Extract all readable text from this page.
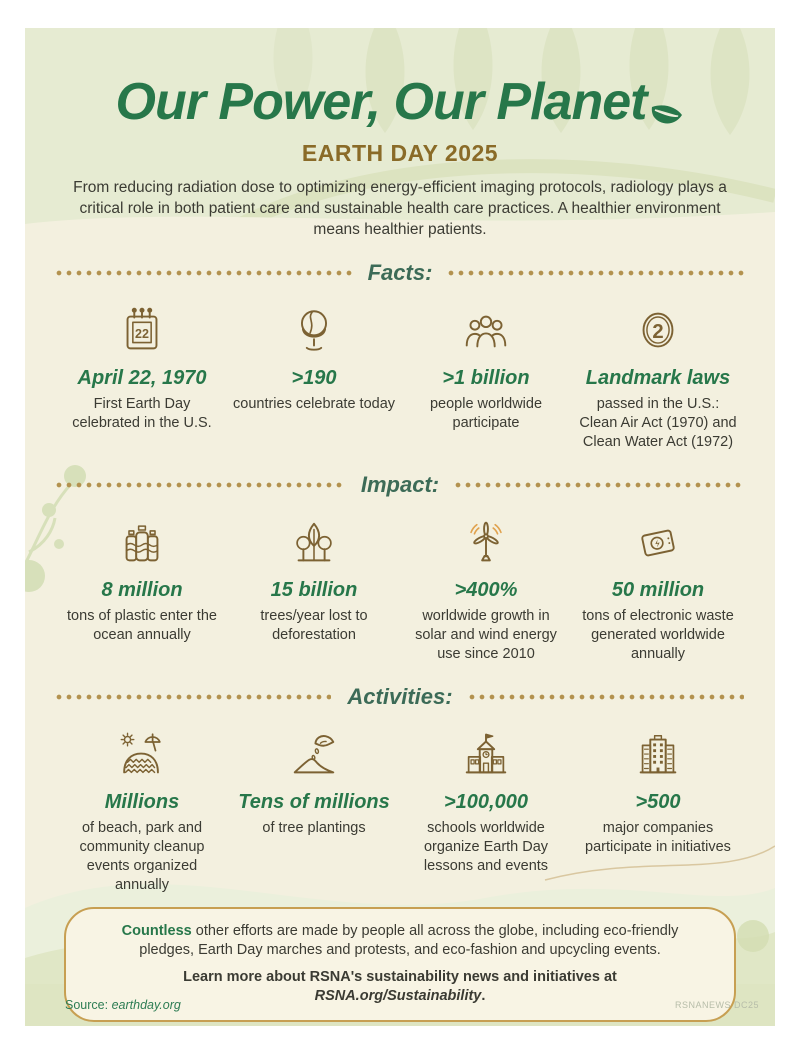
Our Power, Our Planet
EARTH DAY 2025

From reducing radiation dose to optimizing energy-efficient imaging protocols, radiology plays a critical role in both patient care and sustainable health care practices. A healthier environment means healthier patients.

Facts:
22
April 22, 1970
First Earth Day celebrated in the U.S.
>190
countries celebrate today
>1 billion
people worldwide participate
2
Landmark laws
passed in the U.S.: Clean Air Act (1970) and Clean Water Act (1972)
Impact:
8 million
tons of plastic enter the ocean annually
15 billion
trees/year lost to deforestation
>400%
worldwide growth in solar and wind energy use since 2010
50 million
tons of electronic waste generated worldwide annually
Activities:
Millions
of beach, park and community cleanup events organized annually
Tens of millions
of tree plantings
>100,000
schools worldwide organize Earth Day lessons and events
>500
major companies participate in initiatives

Countless other efforts are made by people all across the globe, including eco-friendly pledges, Earth Day marches and protests, and eco-fashion and upcycling events.

Learn more about RSNA's sustainability news and initiatives at RSNA.org/Sustainability.

Source: earthday.org	RSNANEWS DC25
